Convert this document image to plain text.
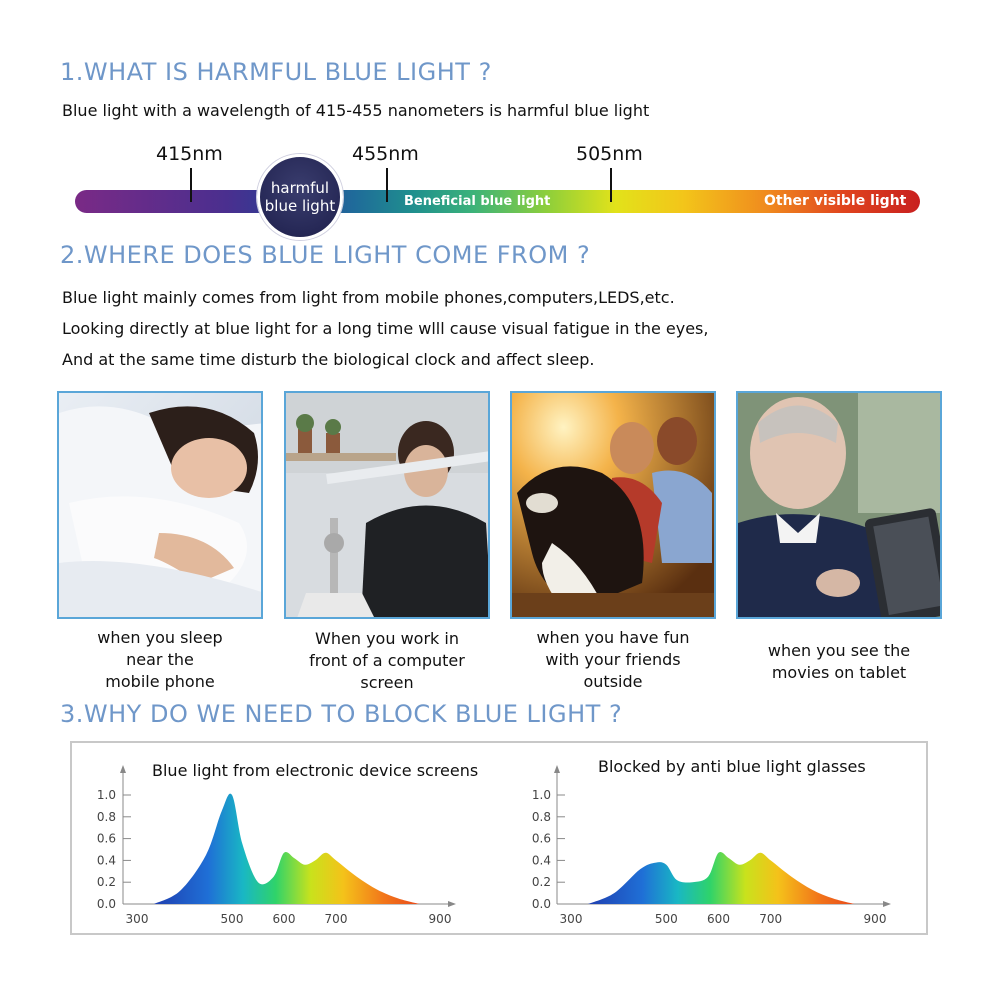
1.WHAT IS HARMFUL BLUE LIGHT ?
Blue light with a wavelength of 415-455 nanometers is harmful blue light
415nm	455nm	505nm
Beneficial blue light	Other visible light
harmful
blue light
2.WHERE DOES BLUE LIGHT COME FROM ?
Blue light mainly comes from light from mobile phones,computers,LEDS,etc.
Looking directly at blue light for a long time wlll cause visual fatigue in the eyes,
And at the same time disturb the biological clock and affect sleep.
when you sleep
near the
mobile phone
When you work in
front of a computer
screen
when you have fun
with your friends
outside
when you see the
movies on tablet
3.WHY DO WE NEED TO BLOCK BLUE LIGHT ?
Blue light from electronic device screens
1.0
0.8
0.6
0.4
0.2
0.0
300	500 600 700	900
Blocked by anti blue light glasses
1.0
0.8
0.6
0.4
0.2
0.0
300	500 600 700	900
